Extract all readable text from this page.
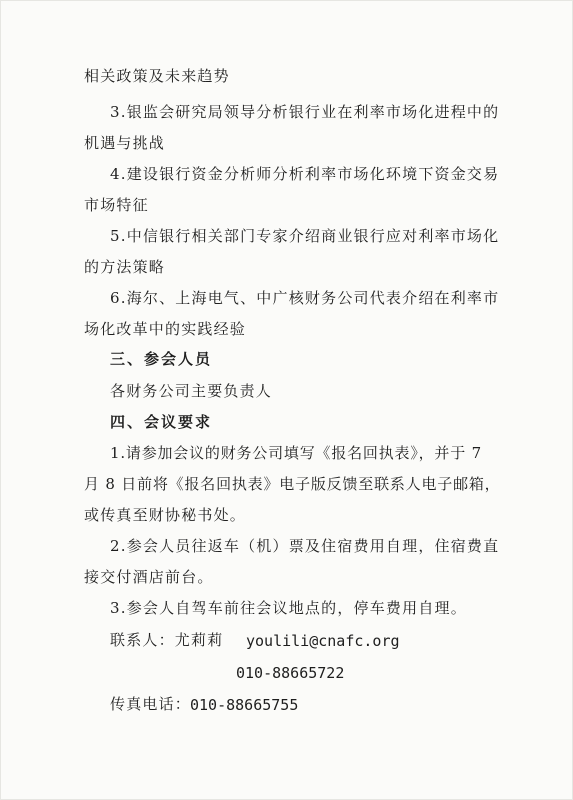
相关政策及未来趋势
3.银监会研究局领导分析银行业在利率市场化进程中的
机遇与挑战
4.建设银行资金分析师分析利率市场化环境下资金交易
市场特征
5.中信银行相关部门专家介绍商业银行应对利率市场化
的方法策略
6.海尔、上海电气、中广核财务公司代表介绍在利率市
场化改革中的实践经验
三、参会人员
各财务公司主要负责人
四、会议要求
1.请参加会议的财务公司填写《报名回执表》，并于 7
月 8 日前将《报名回执表》电子版反馈至联系人电子邮箱，
或传真至财协秘书处。
2.参会人员往返车（机）票及住宿费用自理，住宿费直
接交付酒店前台。
3.参会人自驾车前往会议地点的，停车费用自理。
联系人：尤莉莉 youlili@cnafc.org
010-88665722
传真电话：
010-88665755
